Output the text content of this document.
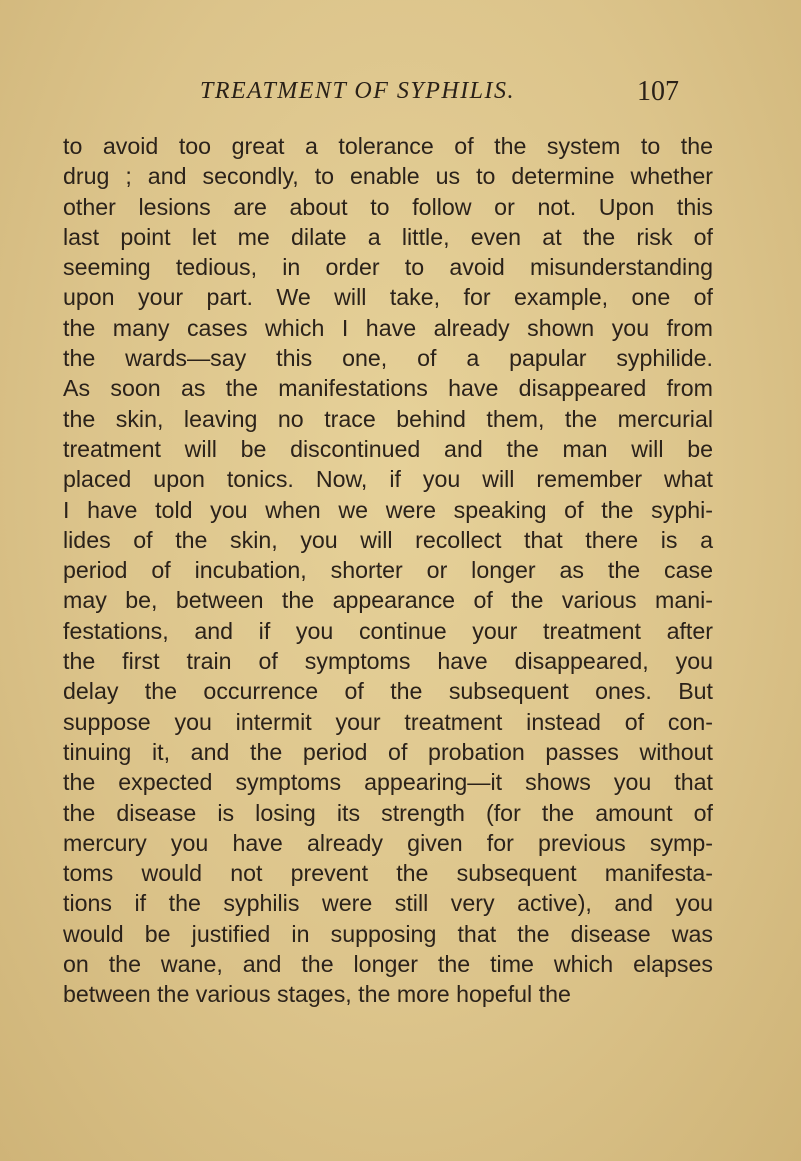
TREATMENT OF SYPHILIS.	107
to avoid too great a tolerance of the system to the
drug ; and secondly, to enable us to determine whether
other lesions are about to follow or not. Upon this
last point let me dilate a little, even at the risk of
seeming tedious, in order to avoid misunderstanding
upon your part. We will take, for example, one of
the many cases which I have already shown you from
the wards—say this one, of a papular syphilide.
As soon as the manifestations have disappeared from
the skin, leaving no trace behind them, the mercurial
treatment will be discontinued and the man will be
placed upon tonics. Now, if you will remember what
I have told you when we were speaking of the syphi-
lides of the skin, you will recollect that there is a
period of incubation, shorter or longer as the case
may be, between the appearance of the various mani-
festations, and if you continue your treatment after
the first train of symptoms have disappeared, you
delay the occurrence of the subsequent ones. But
suppose you intermit your treatment instead of con-
tinuing it, and the period of probation passes without
the expected symptoms appearing—it shows you that
the disease is losing its strength (for the amount of
mercury you have already given for previous symp-
toms would not prevent the subsequent manifesta-
tions if the syphilis were still very active), and you
would be justified in supposing that the disease was
on the wane, and the longer the time which elapses
between the various stages, the more hopeful the
